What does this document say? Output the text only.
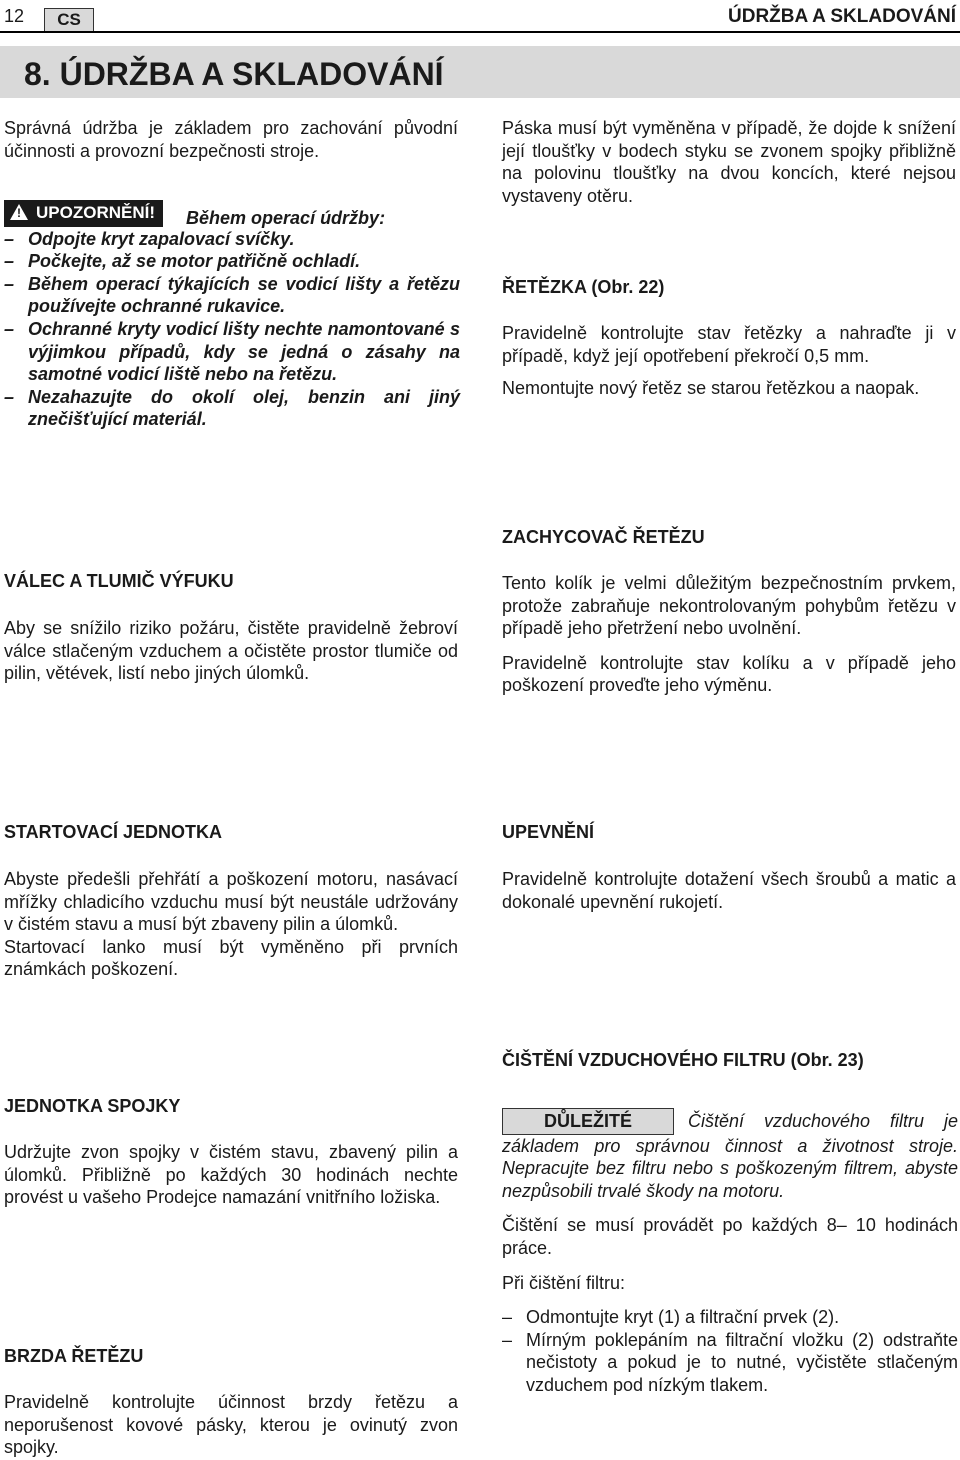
12	CS	ÚDRŽBA A SKLADOVÁNÍ
8. ÚDRŽBA A SKLADOVÁNÍ
Správná údržba je základem pro zachování původní účinnosti a provozní bezpečnosti stroje.
! UPOZORNĚNÍ! Během operací údržby:
– Odpojte kryt zapalovací svíčky.
– Počkejte, až se motor patřičně ochladí.
– Během operací týkajících se vodicí lišty a řetězu používejte ochranné rukavice.
– Ochranné kryty vodicí lišty nechte namontované s výjimkou případů, kdy se jedná o zásahy na samotné vodicí liště nebo na řetězu.
– Nezahazujte do okolí olej, benzin ani jiný znečišťující materiál.
VÁLEC A TLUMIČ VÝFUKU
Aby se snížilo riziko požáru, čistěte pravidelně žebroví válce stlačeným vzduchem a očistěte prostor tlumiče od pilin, větévek, listí nebo jiných úlomků.
STARTOVACÍ JEDNOTKA
Abyste předešli přehřátí a poškození motoru, nasávací mřížky chladicího vzduchu musí být neustále udržovány v čistém stavu a musí být zbaveny pilin a úlomků.
Startovací lanko musí být vyměněno při prvních známkách poškození.
JEDNOTKA SPOJKY
Udržujte zvon spojky v čistém stavu, zbavený pilin a úlomků. Přibližně po každých 30 hodinách nechte provést u vašeho Prodejce namazání vnitřního ložiska.
BRZDA ŘETĚZU
Pravidelně kontrolujte účinnost brzdy řetězu a neporušenost kovové pásky, kterou je ovinutý zvon spojky.
Páska musí být vyměněna v případě, že dojde k snížení její tloušťky v bodech styku se zvonem spojky přibližně na polovinu tloušťky na dvou koncích, které nejsou vystaveny otěru.
ŘETĚZKA (Obr. 22)
Pravidelně kontrolujte stav řetězky a nahraďte ji v případě, když její opotřebení překročí 0,5 mm.
Nemontujte nový řetěz se starou řetězkou a naopak.
ZACHYCOVAČ ŘETĚZU
Tento kolík je velmi důležitým bezpečnostním prvkem, protože zabraňuje nekontrolovaným pohybům řetězu v případě jeho přetržení nebo uvolnění.
Pravidelně kontrolujte stav kolíku a v případě jeho poškození proveďte jeho výměnu.
UPEVNĚNÍ
Pravidelně kontrolujte dotažení všech šroubů a matic a dokonalé upevnění rukojetí.
ČIŠTĚNÍ VZDUCHOVÉHO FILTRU (Obr. 23)
DŮLEŽITÉ	Čištění vzduchového filtru je základem pro správnou činnost a životnost stroje. Nepracujte bez filtru nebo s poškozeným filtrem, abyste nezpůsobili trvalé škody na motoru.
Čištění se musí provádět po každých 8– 10 hodinách práce.
Při čištění filtru:
– Odmontujte kryt (1) a filtrační prvek (2).
– Mírným poklepáním na filtrační vložku (2) odstraňte nečistoty a pokud je to nutné, vyčistěte stlačeným vzduchem pod nízkým tlakem.
